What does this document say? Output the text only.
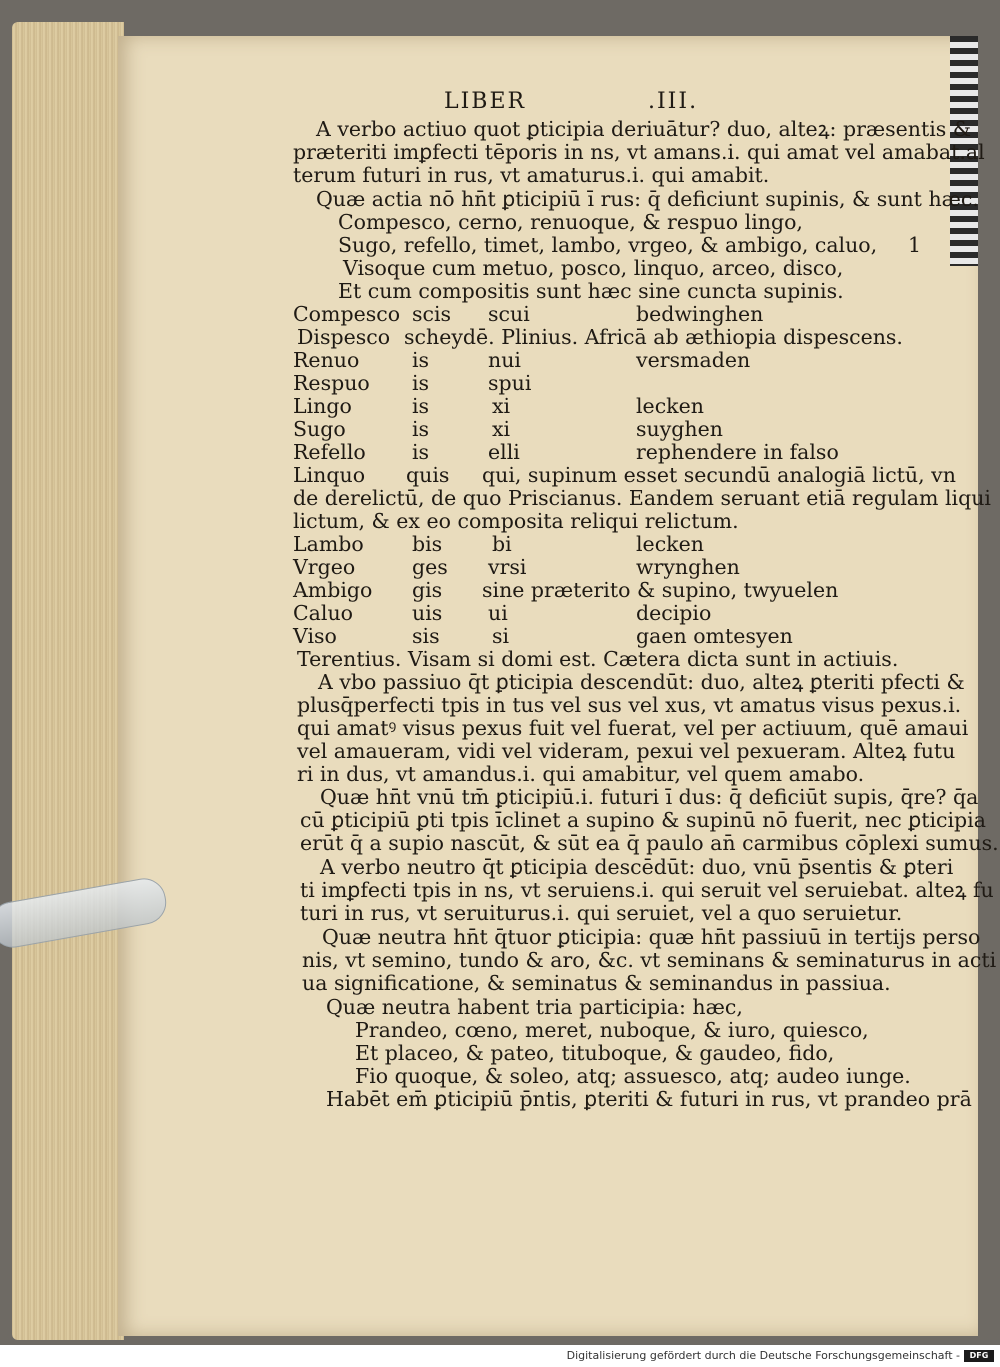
LIBER	.III.
A verbo actiuo quot ꝑticipia deriuātur? duo, alteꝝ: præsentis &
præteriti imꝑfecti tēporis in ns, vt amans.i. qui amat vel amabat.al
terum futuri in rus, vt amaturus.i. qui amabit.
Quæ actia nō hn̄t ꝑticipiū ī rus: q̄ deficiunt supinis, & sunt hæc.
Compesco, cerno, renuoque, & respuo lingo,
Sugo, refello, timet, lambo, vrgeo, & ambigo, caluo, 1
Visoque cum metuo, posco, linquo, arceo, disco,
Et cum compositis sunt hæc sine cuncta supinis.
Compesco scis scui	bedwinghen
Dispesco scheydē. Plinius. Africā ab æthiopia dispescens.
Renuo	is	nui	versmaden
Respuo is	spui
Lingo	is	xi	lecken
Sugo	is	xi	suyghen
Refello is	elli	rephendere in falso
Linquo quis qui, supinum esset secundū analogiā lictū, vn
de derelictū, de quo Priscianus. Eandem seruant etiā regulam liqui
lictum, & ex eo composita reliqui relictum.
Lambo bis bi	lecken
Vrgeo	ges vrsi	wrynghen
Ambigo gis sine præterito & supino, twyuelen
Caluo	uis ui	decipio
Viso	sis	si	gaen omtesyen
Terentius. Visam si domi est. Cætera dicta sunt in actiuis.
A vbo passiuo q̄t ꝑticipia descendūt: duo, alteꝝ ꝑteriti pfecti &
plusq̄perfecti tpis in tus vel sus vel xus, vt amatus visus pexus.i.
qui amatꝰ visus pexus fuit vel fuerat, vel per actiuum, quē amaui
vel amaueram, vidi vel videram, pexui vel pexueram. Alteꝝ futu
ri in dus, vt amandus.i. qui amabitur, vel quem amabo.
Quæ hn̄t vnū tm̄ ꝑticipiū.i. futuri ī dus: q̄ deficiūt supis, q̄re? q̄a
cū ꝑticipiū ꝑti tpis īclinet a supino & supinū nō fuerit, nec ꝑticipia
erūt q̄ a supio nascūt, & sūt ea q̄ paulo an̄ carmibus cōplexi sumus.
A verbo neutro q̄t ꝑticipia descēdūt: duo, vnū p̄sentis & ꝑteri
ti imꝑfecti tpis in ns, vt seruiens.i. qui seruit vel seruiebat. alteꝝ fu
turi in rus, vt seruiturus.i. qui seruiet, vel a quo seruietur.
Quæ neutra hn̄t q̄tuor ꝑticipia: quæ hn̄t passiuū in tertijs perso
nis, vt semino, tundo & aro, &c. vt seminans & seminaturus in acti
ua significatione, & seminatus & seminandus in passiua.
Quæ neutra habent tria participia: hæc,
Prandeo, cœno, meret, nuboque, & iuro, quiesco,
Et placeo, & pateo, tituboque, & gaudeo, fido,
Fio quoque, & soleo, atq; assuesco, atq; audeo iunge.
Habēt em̄ ꝑticipiū p̄ntis, ꝑteriti & futuri in rus, vt prandeo prā
Digitalisierung gefördert durch die Deutsche Forschungsgemeinschaft -	DFG
